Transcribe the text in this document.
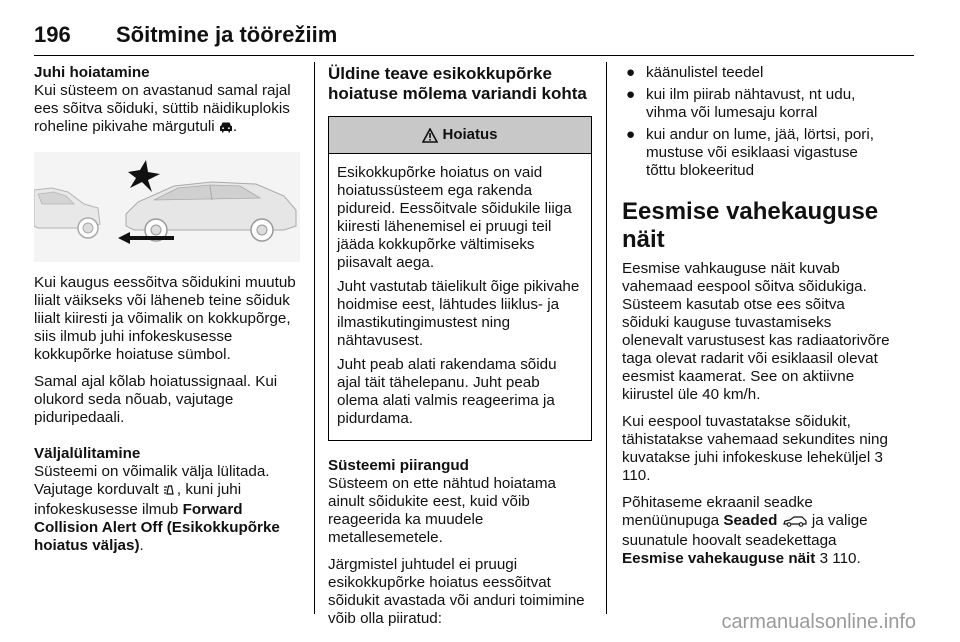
196 Sõitmine ja töörežiim

Juhi hoiatamine

Kui süsteem on avastanud samal rajal ees sõitva sõiduki, süttib näidikuplokis roheline pikivahe märgutuli .

Kui kaugus eessõitva sõidukini muutub liialt väikseks või läheneb teine sõiduk liialt kiiresti ja võimalik on kokkupõrge, siis ilmub juhi infokeskusesse kokkupõrke hoiatuse sümbol.

Samal ajal kõlab hoiatussignaal. Kui olukord seda nõuab, vajutage piduripedaali.

Väljalülitamine

Süsteemi on võimalik välja lülitada. Vajutage korduvalt , kuni juhi infokeskusesse ilmub Forward Collision Alert Off (Esikokkupõrke hoiatus väljas).

Üldine teave esikokkupõrke hoiatuse mõlema variandi kohta

Hoiatus

Esikokkupõrke hoiatus on vaid hoiatussüsteem ega rakenda pidureid. Eessõitvale sõidukile liiga kiiresti lähenemisel ei pruugi teil jääda kokkupõrke vältimiseks piisavalt aega.

Juht vastutab täielikult õige pikivahe hoidmise eest, lähtudes liiklus- ja ilmastikutingimustest ning nähtavusest.

Juht peab alati rakendama sõidu ajal täit tähelepanu. Juht peab olema alati valmis reageerima ja pidurdama.

Süsteemi piirangud

Süsteem on ette nähtud hoiatama ainult sõidukite eest, kuid võib reageerida ka muudele metallesemetele.

Järgmistel juhtudel ei pruugi esikokkupõrke hoiatus eessõitvat sõidukit avastada või anduri toimimine võib olla piiratud:

● käänulistel teedel
● kui ilm piirab nähtavust, nt udu, vihma või lumesaju korral
● kui andur on lume, jää, lörtsi, pori, mustuse või esiklaasi vigastuse tõttu blokeeritud

Eesmise vahekauguse näit

Eesmise vahkauguse näit kuvab vahemaad eespool sõitva sõidukiga. Süsteem kasutab otse ees sõitva sõiduki kauguse tuvastamiseks olenevalt varustusest kas radiaatorivõre taga olevat radarit või esiklaasil olevat eesmist kaamerat. See on aktiivne kiirustel üle 40 km/h.

Kui eespool tuvastatakse sõidukit, tähistatakse vahemaad sekundites ning kuvatakse juhi infokeskuse leheküljel 3 110.

Põhitaseme ekraanil seadke menüünupuga Seaded ja valige suunatule hoovalt seadekettaga Eesmise vahekauguse näit 3 110.

carmanualsonline.info
